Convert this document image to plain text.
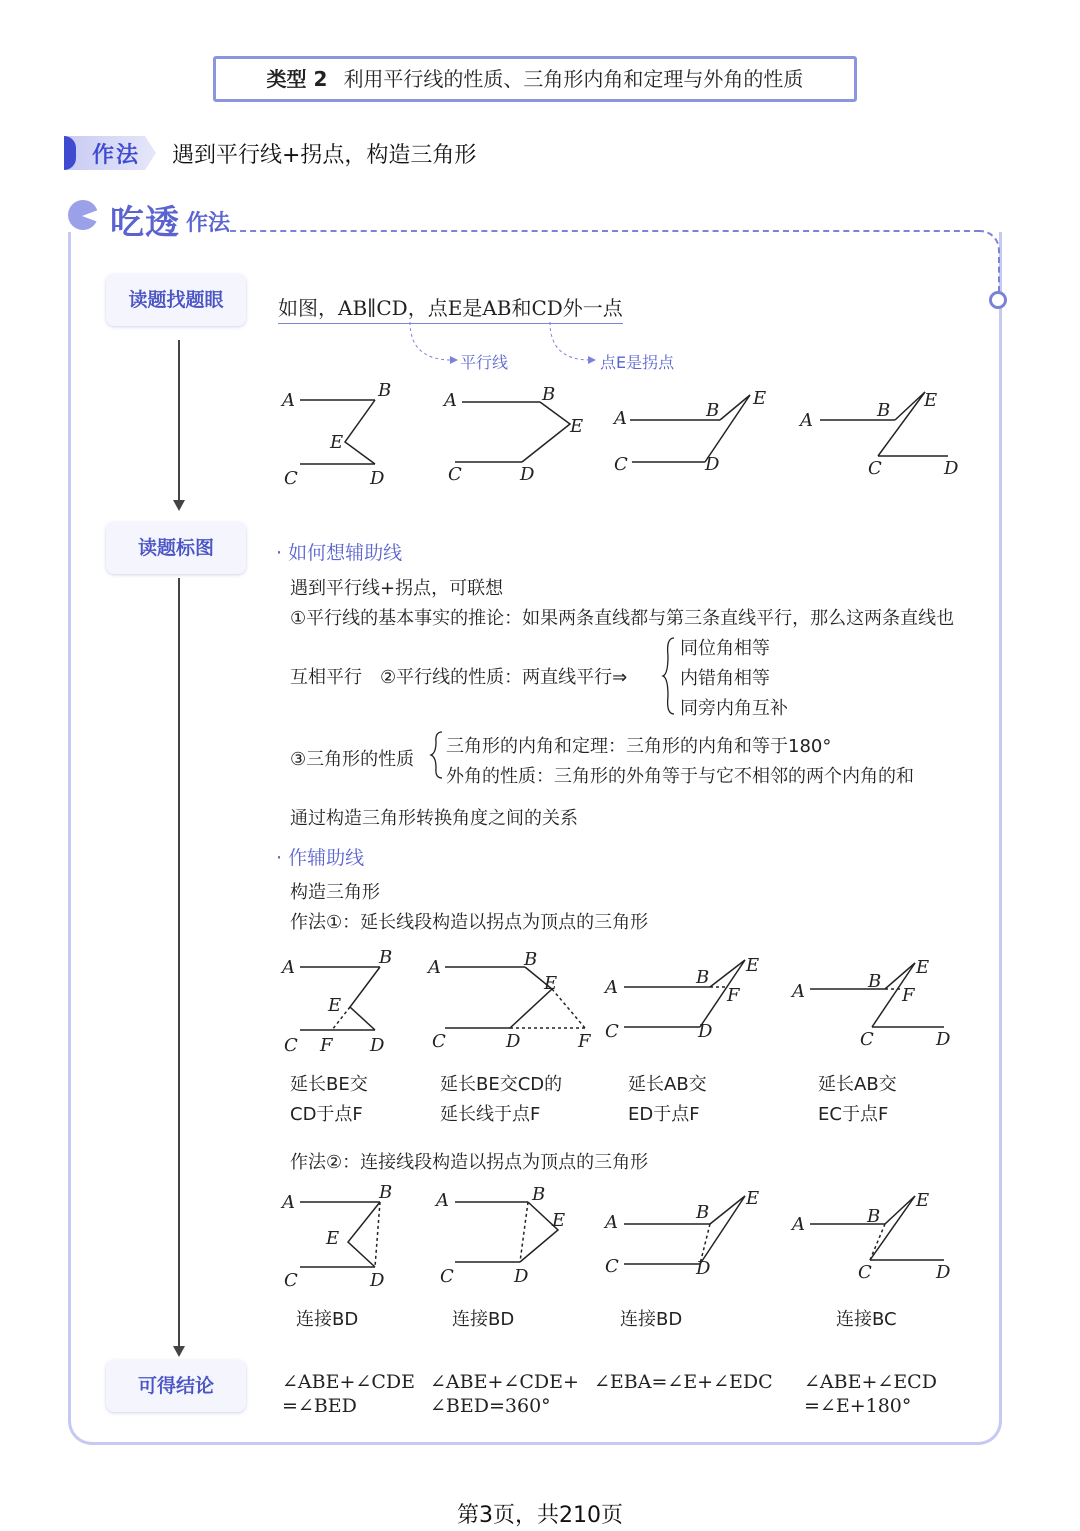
类型 2 利用平行线的性质、三角形内角和定理与外角的性质
作法 遇到平行线+拐点，构造三角形
吃透 作法
读题找题眼
读题标图
可得结论
如图，AB∥CD，点E是AB和CD外一点
平行线	点E是拐点
A	B
E
C	D
A	B
E
C	D
A	B
E
C	D
A	B E
C	D
· 如何想辅助线
遇到平行线+拐点，可联想
①平行线的基本事实的推论：如果两条直线都与第三条直线平行，那么这两条直线也
互相平行 ②平行线的性质：两直线平行⇒
同位角相等
内错角相等
同旁内角互补
③三角形的性质
三角形的内角和定理：三角形的内角和等于180°
外角的性质：三角形的外角等于与它不相邻的两个内角的和
通过构造三角形转换角度之间的关系
· 作辅助线
构造三角形
作法①：延长线段构造以拐点为顶点的三角形
A	B
E
C F D
A	B
E
C	D	F
A	B
E
F
C	D
A	B
E
F
C	D
延长BE交
CD于点F
延长BE交CD的
延长线于点F
延长AB交
ED于点F
延长AB交
EC于点F
作法②：连接线段构造以拐点为顶点的三角形
A	B
E
C	D
A	B
E
C	D
A	B
E
C	D
A	B
E
C	D
连接BD	连接BD	连接BD	连接BC
∠ABE+∠CDE
=∠BED
∠ABE+∠CDE+
∠BED=360°
∠EBA=∠E+∠EDC ∠ABE+∠ECD
=∠E+180°
第3页，共210页
